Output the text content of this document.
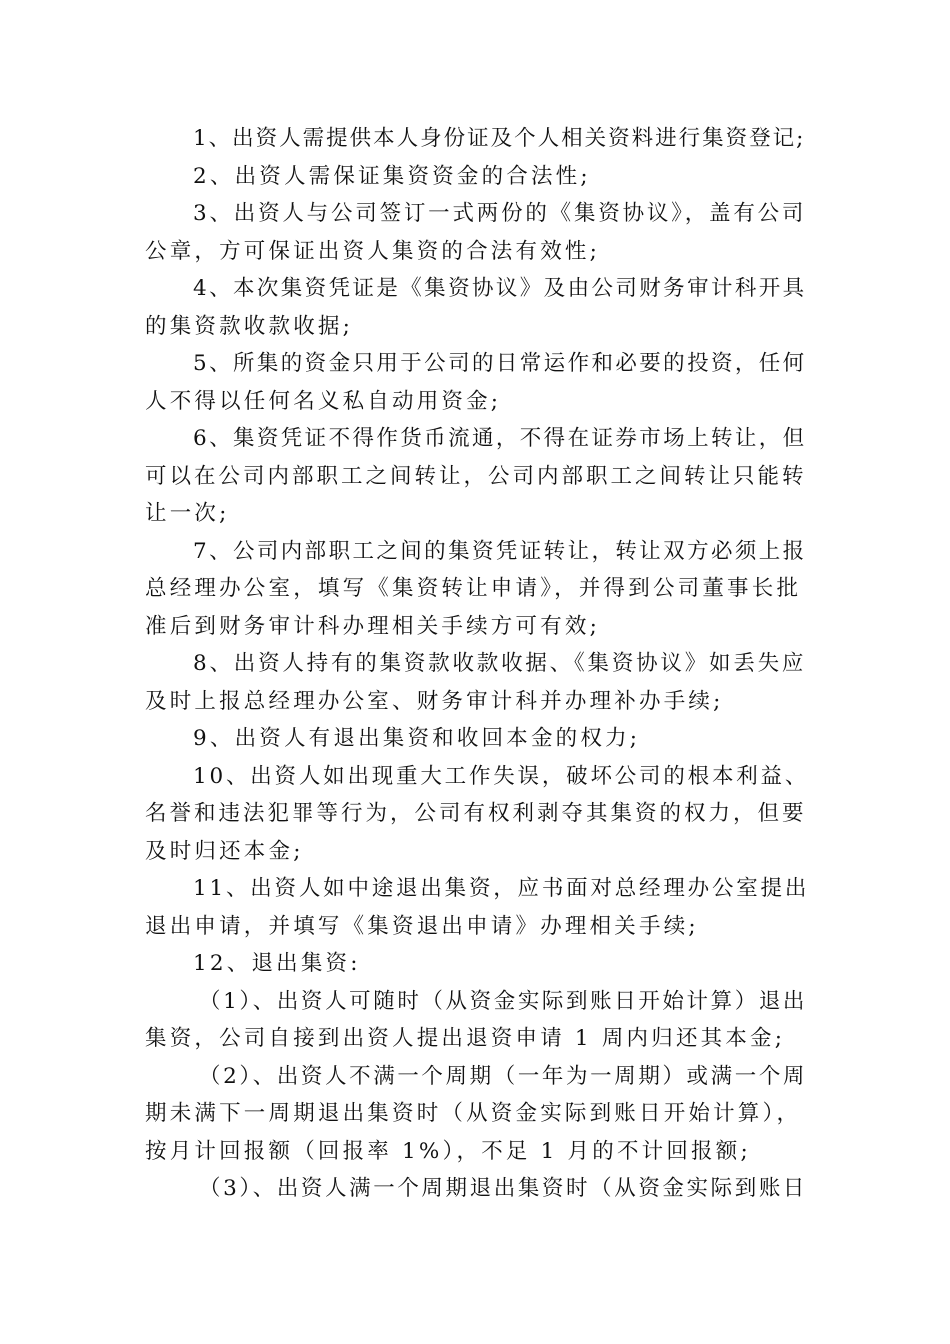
1、出资人需提供本人身份证及个人相关资料进行集资登记;
2、出资人需保证集资资金的合法性;
3、出资人与公司签订一式两份的《集资协议》，盖有公司
公章，方可保证出资人集资的合法有效性;
4、本次集资凭证是《集资协议》及由公司财务审计科开具
的集资款收款收据;
5、所集的资金只用于公司的日常运作和必要的投资，任何
人不得以任何名义私自动用资金;
6、集资凭证不得作货币流通，不得在证券市场上转让，但
可以在公司内部职工之间转让，公司内部职工之间转让只能转
让一次;
7、公司内部职工之间的集资凭证转让，转让双方必须上报
总经理办公室，填写《集资转让申请》，并得到公司董事长批
准后到财务审计科办理相关手续方可有效;
8、出资人持有的集资款收款收据、《集资协议》如丢失应
及时上报总经理办公室、财务审计科并办理补办手续;
9、出资人有退出集资和收回本金的权力;
10、出资人如出现重大工作失误，破坏公司的根本利益、
名誉和违法犯罪等行为，公司有权利剥夺其集资的权力，但要
及时归还本金;
11、出资人如中途退出集资，应书面对总经理办公室提出
退出申请，并填写《集资退出申请》办理相关手续;
12、退出集资:
（1）、出资人可随时（从资金实际到账日开始计算）退出
集资，公司自接到出资人提出退资申请 1 周内归还其本金;
（2）、出资人不满一个周期（一年为一周期）或满一个周
期未满下一周期退出集资时（从资金实际到账日开始计算），
按月计回报额（回报率 1%），不足 1 月的不计回报额;
（3）、出资人满一个周期退出集资时（从资金实际到账日
